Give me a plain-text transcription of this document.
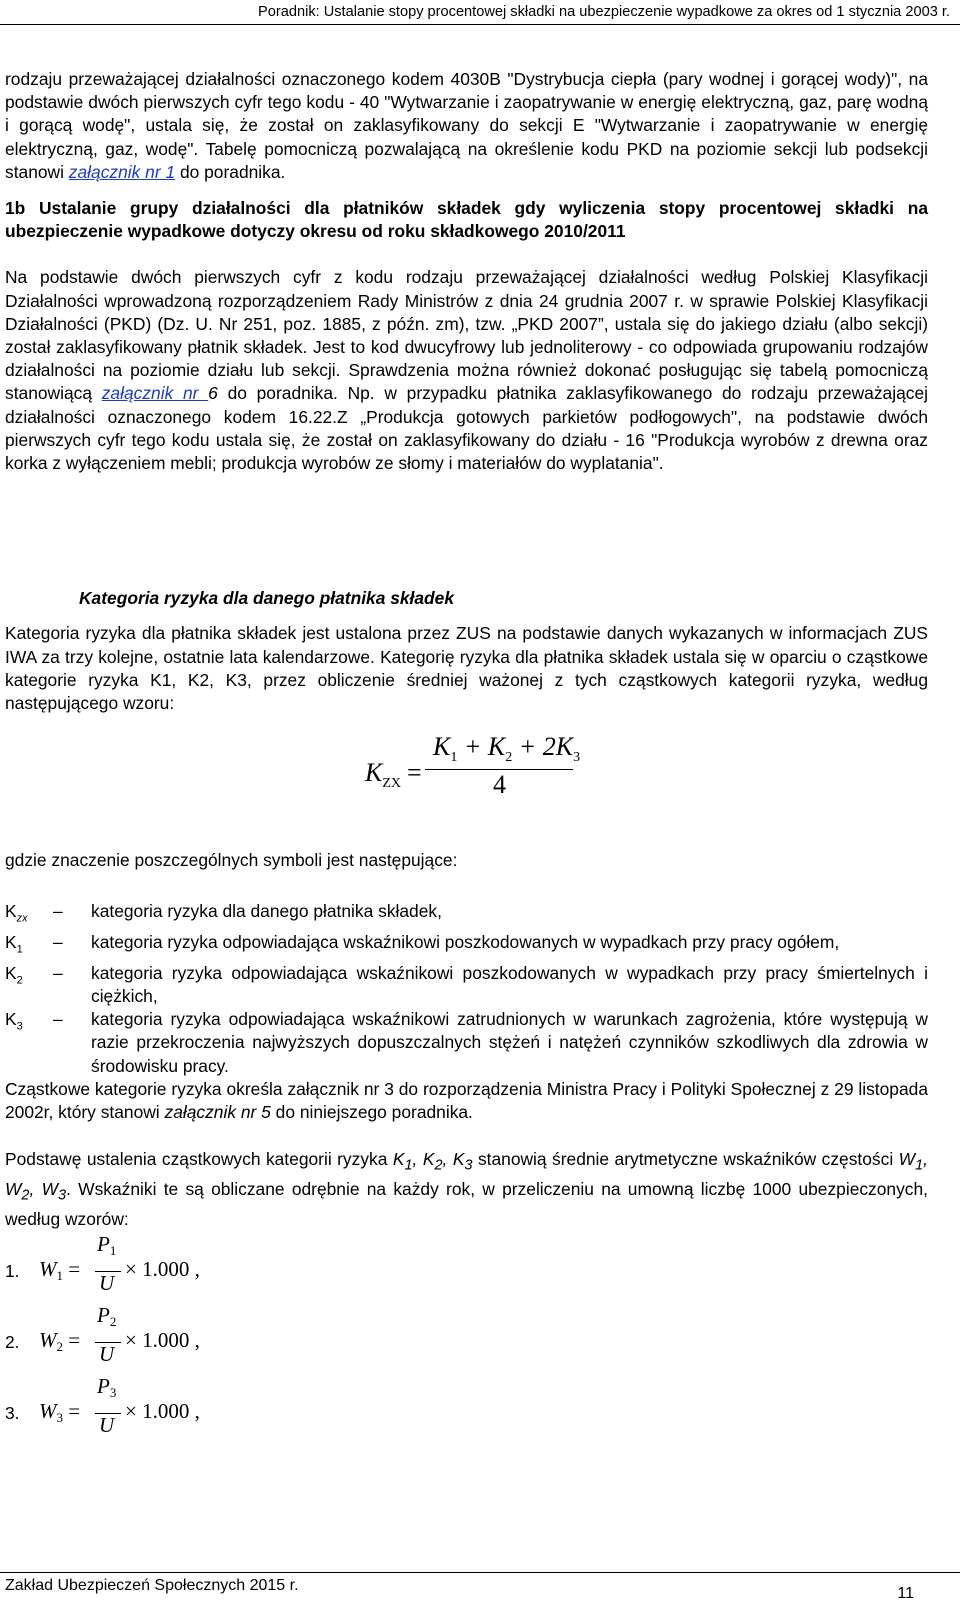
Poradnik: Ustalanie stopy procentowej składki na ubezpieczenie wypadkowe za okres od 1 stycznia 2003 r.

rodzaju przeważającej działalności oznaczonego kodem 4030B "Dystrybucja ciepła (pary wodnej i gorącej wody)", na podstawie dwóch pierwszych cyfr tego kodu - 40 "Wytwarzanie i zaopatrywanie w energię elektryczną, gaz, parę wodną i gorącą wodę", ustala się, że został on zaklasyfikowany do sekcji E "Wytwarzanie i zaopatrywanie w energię elektryczną, gaz, wodę". Tabelę pomocniczą pozwalającą na określenie kodu PKD na poziomie sekcji lub podsekcji stanowi załącznik nr 1 do poradnika.

1b Ustalanie grupy działalności dla płatników składek gdy wyliczenia stopy procentowej składki na ubezpieczenie wypadkowe dotyczy okresu od roku składkowego 2010/2011

Na podstawie dwóch pierwszych cyfr z kodu rodzaju przeważającej działalności według Polskiej Klasyfikacji Działalności wprowadzoną rozporządzeniem Rady Ministrów z dnia 24 grudnia 2007 r. w sprawie Polskiej Klasyfikacji Działalności (PKD) (Dz. U. Nr 251, poz. 1885, z późn. zm), tzw. „PKD 2007”, ustala się do jakiego działu (albo sekcji) został zaklasyfikowany płatnik składek. Jest to kod dwucyfrowy lub jednoliterowy - co odpowiada grupowaniu rodzajów działalności na poziomie działu lub sekcji. Sprawdzenia można również dokonać posługując się tabelą pomocniczą stanowiącą załącznik nr 6 do poradnika. Np. w przypadku płatnika zaklasyfikowanego do rodzaju przeważającej działalności oznaczonego kodem 16.22.Z „Produkcja gotowych parkietów podłogowych", na podstawie dwóch pierwszych cyfr tego kodu ustala się, że został on zaklasyfikowany do działu - 16 "Produkcja wyrobów z drewna oraz korka z wyłączeniem mebli; produkcja wyrobów ze słomy i materiałów do wyplatania".

Kategoria ryzyka dla danego płatnika składek

Kategoria ryzyka dla płatnika składek jest ustalona przez ZUS na podstawie danych wykazanych w informacjach ZUS IWA za trzy kolejne, ostatnie lata kalendarzowe. Kategorię ryzyka dla płatnika składek ustala się w oparciu o cząstkowe kategorie ryzyka K1, K2, K3, przez obliczenie średniej ważonej z tych cząstkowych kategorii ryzyka, według następującego wzoru:

$K_{ZX}$ =
$K_1 + K_2 + 2K_3$
4

gdzie znaczenie poszczególnych symboli jest następujące:

$K_{zx}$	–	kategoria ryzyka dla danego płatnika składek,
$K_1$	–	kategoria ryzyka odpowiadająca wskaźnikowi poszkodowanych w wypadkach przy pracy ogółem,
$K_2$	–	kategoria ryzyka odpowiadająca wskaźnikowi poszkodowanych w wypadkach przy pracy śmiertelnych i ciężkich,
$K_3$	–	kategoria ryzyka odpowiadająca wskaźnikowi zatrudnionych w warunkach zagrożenia, które występują w razie przekroczenia najwyższych dopuszczalnych stężeń i natężeń czynników szkodliwych dla zdrowia w środowisku pracy.

Cząstkowe kategorie ryzyka określa załącznik nr 3 do rozporządzenia Ministra Pracy i Polityki Społecznej z 29 listopada 2002r, który stanowi załącznik nr 5 do niniejszego poradnika.

Podstawę ustalenia cząstkowych kategorii ryzyka $K_1$, $K_2$, $K_3$ stanowią średnie arytmetyczne wskaźników częstości $W_1$, $W_2$, $W_3$. Wskaźniki te są obliczane odrębnie na każdy rok, w przeliczeniu na umowną liczbę 1000 ubezpieczonych, według wzorów:

1. $W_1$ =
$P_1$
U
× 1.000 ,
2. $W_2$ =
$P_2$
U
× 1.000 ,
3. $W_3$ =
$P_3$
U
× 1.000 ,
Zakład Ubezpieczeń Społecznych 2015 r.	11
